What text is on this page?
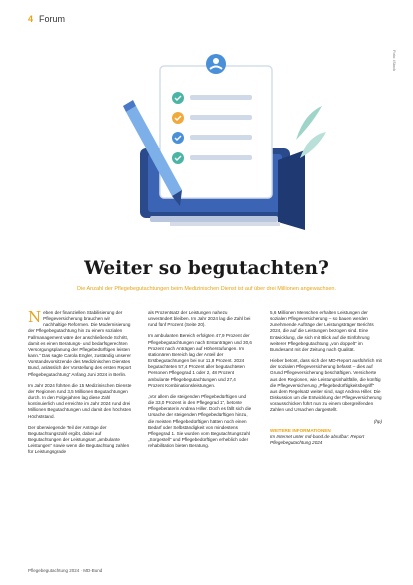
4 Forum
Foto: iStock
Weiter so begutachten?
Die Anzahl der Pflegebegutachtungen beim Medizinischen Dienst ist auf über drei Millionen angewachsen.

N eben der finanziellen Stabilisierung der Pflegeversicherung brauchen wir nachhaltige Reformen. Die Modernisierung der Pflegebegutachtung hin zu einem sozialen Fallmanagement wäre der anschließende Schritt, damit es einen Beratungs- und bedarfsgerechten Versorgungsplanung der Pflegebedürftigen leisten kann.“ Das sagte Carola Engler, zuständig unserer Vorstandsvorsitzende des Medizinischen Dienstes Bund, anlässlich der Vorstellung des ersten Report Pflegebegutachtung“ Anfang Juni 2024 in Berlin.

Im Jahr 2024 führten die 15 Medizinischen Dienste der Regionen rund 3,5 Millionen Begutachtungen durch. In den Folgejahren lag diese Zahl kontinuierlich und erreichte im Jahr 2024 rund drei Millionen Begutachtungen und damit den höchsten Höchststand.

Der überwiegende Teil der Anträge der Begutachtungszahl ergibt, dabei auf Begutachtungen der Leistungsart „ambulante Leistungen“ sowie wenn die Begutachtung zahlen für Leistungsgrade

als Prozentsatz der Leistungen nahezu unverändert bleiben. Im Jahr 2024 lag die Zahl bei rund fünf Prozent (Seite 20).

Im ambulanten Bereich erfolgten 47,9 Prozent der Pflegebegutachtungen nach Erstanträgen und 30,6 Prozent nach Anträgen auf Höherstufungen. Im stationären Bereich lag der Anteil der Erstbegutachtungen bei nur 11,8 Prozent. 2024 begutachteten 57,4 Prozent aller begutachteten Personen Pflegegrad 1 oder 2, 48 Prozent ambulante Pflegebegutachtungen und 27,4 Prozent Kombinationsleistungen.

„Vor allem die steigenden Pflegebedürftigen und die 33,0 Prozent in den Pflegegrad 1“, betonte Pflegeberaterin Andrea Hiller. Doch es fällt sich die Ursache der steigenden Pflegebedürftigen hinzu, die meisten Pflegebedürftigen hätten noch einen Bedarf oder Selbständigkeit von mindestens Pflegegrad 1. Sie wurden vom Begutachtungszahl „Sorgestell“ und Pflegebedürftigen erheblich oder rehabilitation bieten Beratung.

5,6 Millionen Menschen erhalten Leistungen der sozialen Pflegeversicherung – so bauen werden zunehmende Aufträge der Leistungsträger Berichts 2024, die auf die Leistungen bezogen sind. Eine Entwicklung, die sich mit Blick auf die Einführung weiterer Pflegebegutachtung „von doppelt“ im Bundesamt mit der Zeitung nach Qualität.

Hieber betont, dass sich der MD-Report ausführlich mit der sozialen Pflegeversicherung befasst – dies auf Grund Pflegeversicherung beschäftigen. Versicherte aus den Regionen, wie Leistungsinhaltfälle, die künftig die Pflegeversicherung „Pflegebedürftigkeitsbegriff“ aus dem Regelsatz weiter sind, sagt Andrea Hiller. Die Diskussion um die Entwicklung der Pflegeversicherung vorausschicken führt nun zu einem übergreifenden Zahlen und Ursachen dargestellt.

(hp)
WEITERE INFORMATIONEN
Im Internet unter md-bund.de abrufbar: Report Pflegebegutachtung 2024
Pflegebegutachtung 2024 · MD-Bund
